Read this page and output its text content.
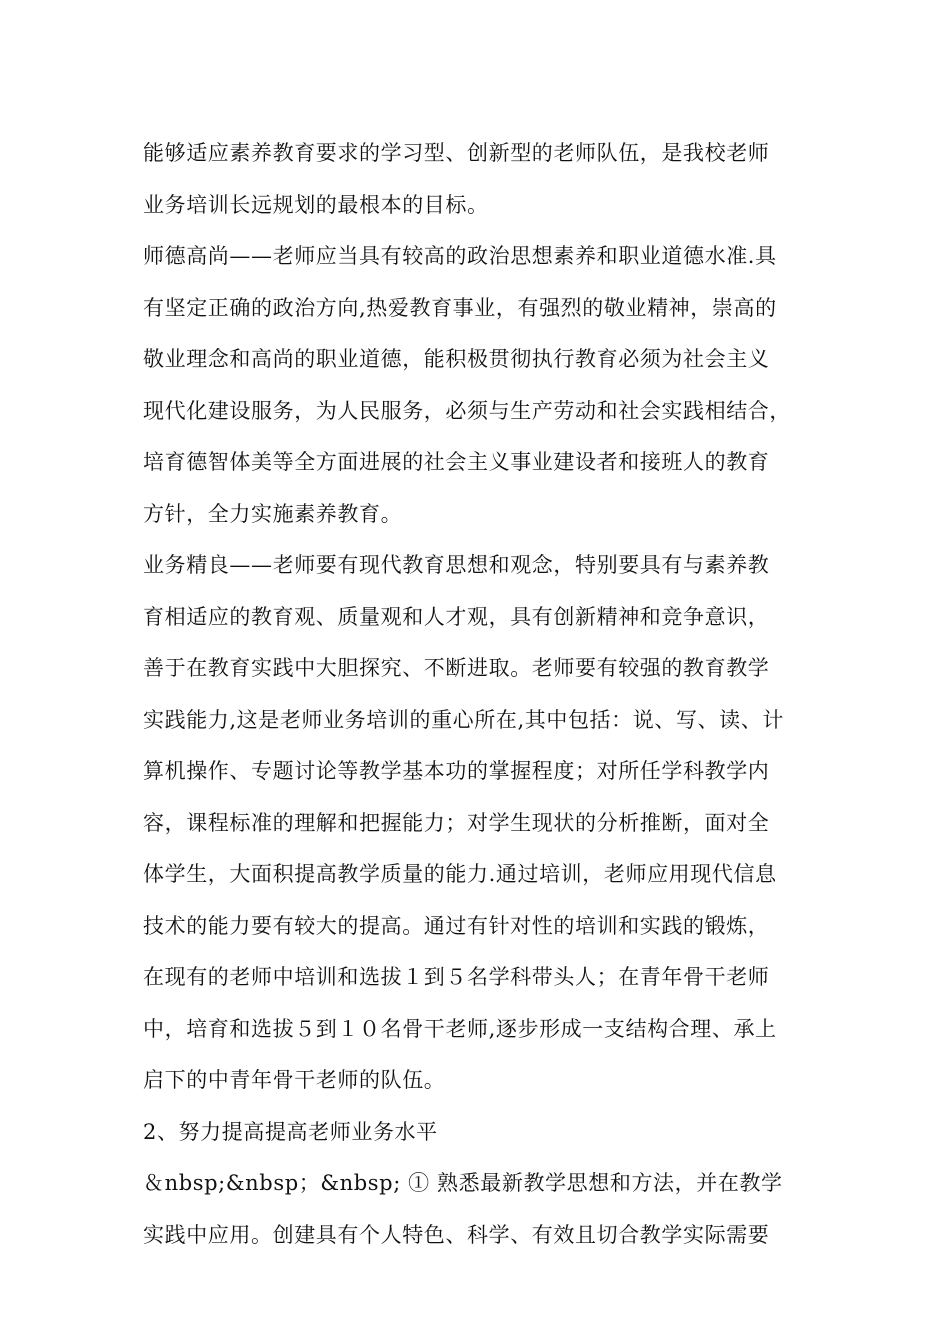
能够适应素养教育要求的学习型、创新型的老师队伍，是我校老师
业务培训长远规划的最根本的目标。
师德高尚——老师应当具有较高的政治思想素养和职业道德水准.具
有坚定正确的政治方向,热爱教育事业，有强烈的敬业精神，崇高的
敬业理念和高尚的职业道德，能积极贯彻执行教育必须为社会主义
现代化建设服务，为人民服务，必须与生产劳动和社会实践相结合，
培育德智体美等全方面进展的社会主义事业建设者和接班人的教育
方针，全力实施素养教育。
业务精良——老师要有现代教育思想和观念，特别要具有与素养教
育相适应的教育观、质量观和人才观，具有创新精神和竞争意识，
善于在教育实践中大胆探究、不断进取。老师要有较强的教育教学
实践能力,这是老师业务培训的重心所在,其中包括：说、写、读、计
算机操作、专题讨论等教学基本功的掌握程度；对所任学科教学内
容，课程标准的理解和把握能力；对学生现状的分析推断，面对全
体学生，大面积提高教学质量的能力.通过培训，老师应用现代信息
技术的能力要有较大的提高。通过有针对性的培训和实践的锻炼，
在现有的老师中培训和选拔１到５名学科带头人；在青年骨干老师
中，培育和选拔５到１０名骨干老师,逐步形成一支结构合理、承上
启下的中青年骨干老师的队伍。
2、努力提高提高老师业务水平
＆nbsp;&nbsp；&nbsp; ① 熟悉最新教学思想和方法，并在教学
实践中应用。创建具有个人特色、科学、有效且切合教学实际需要
